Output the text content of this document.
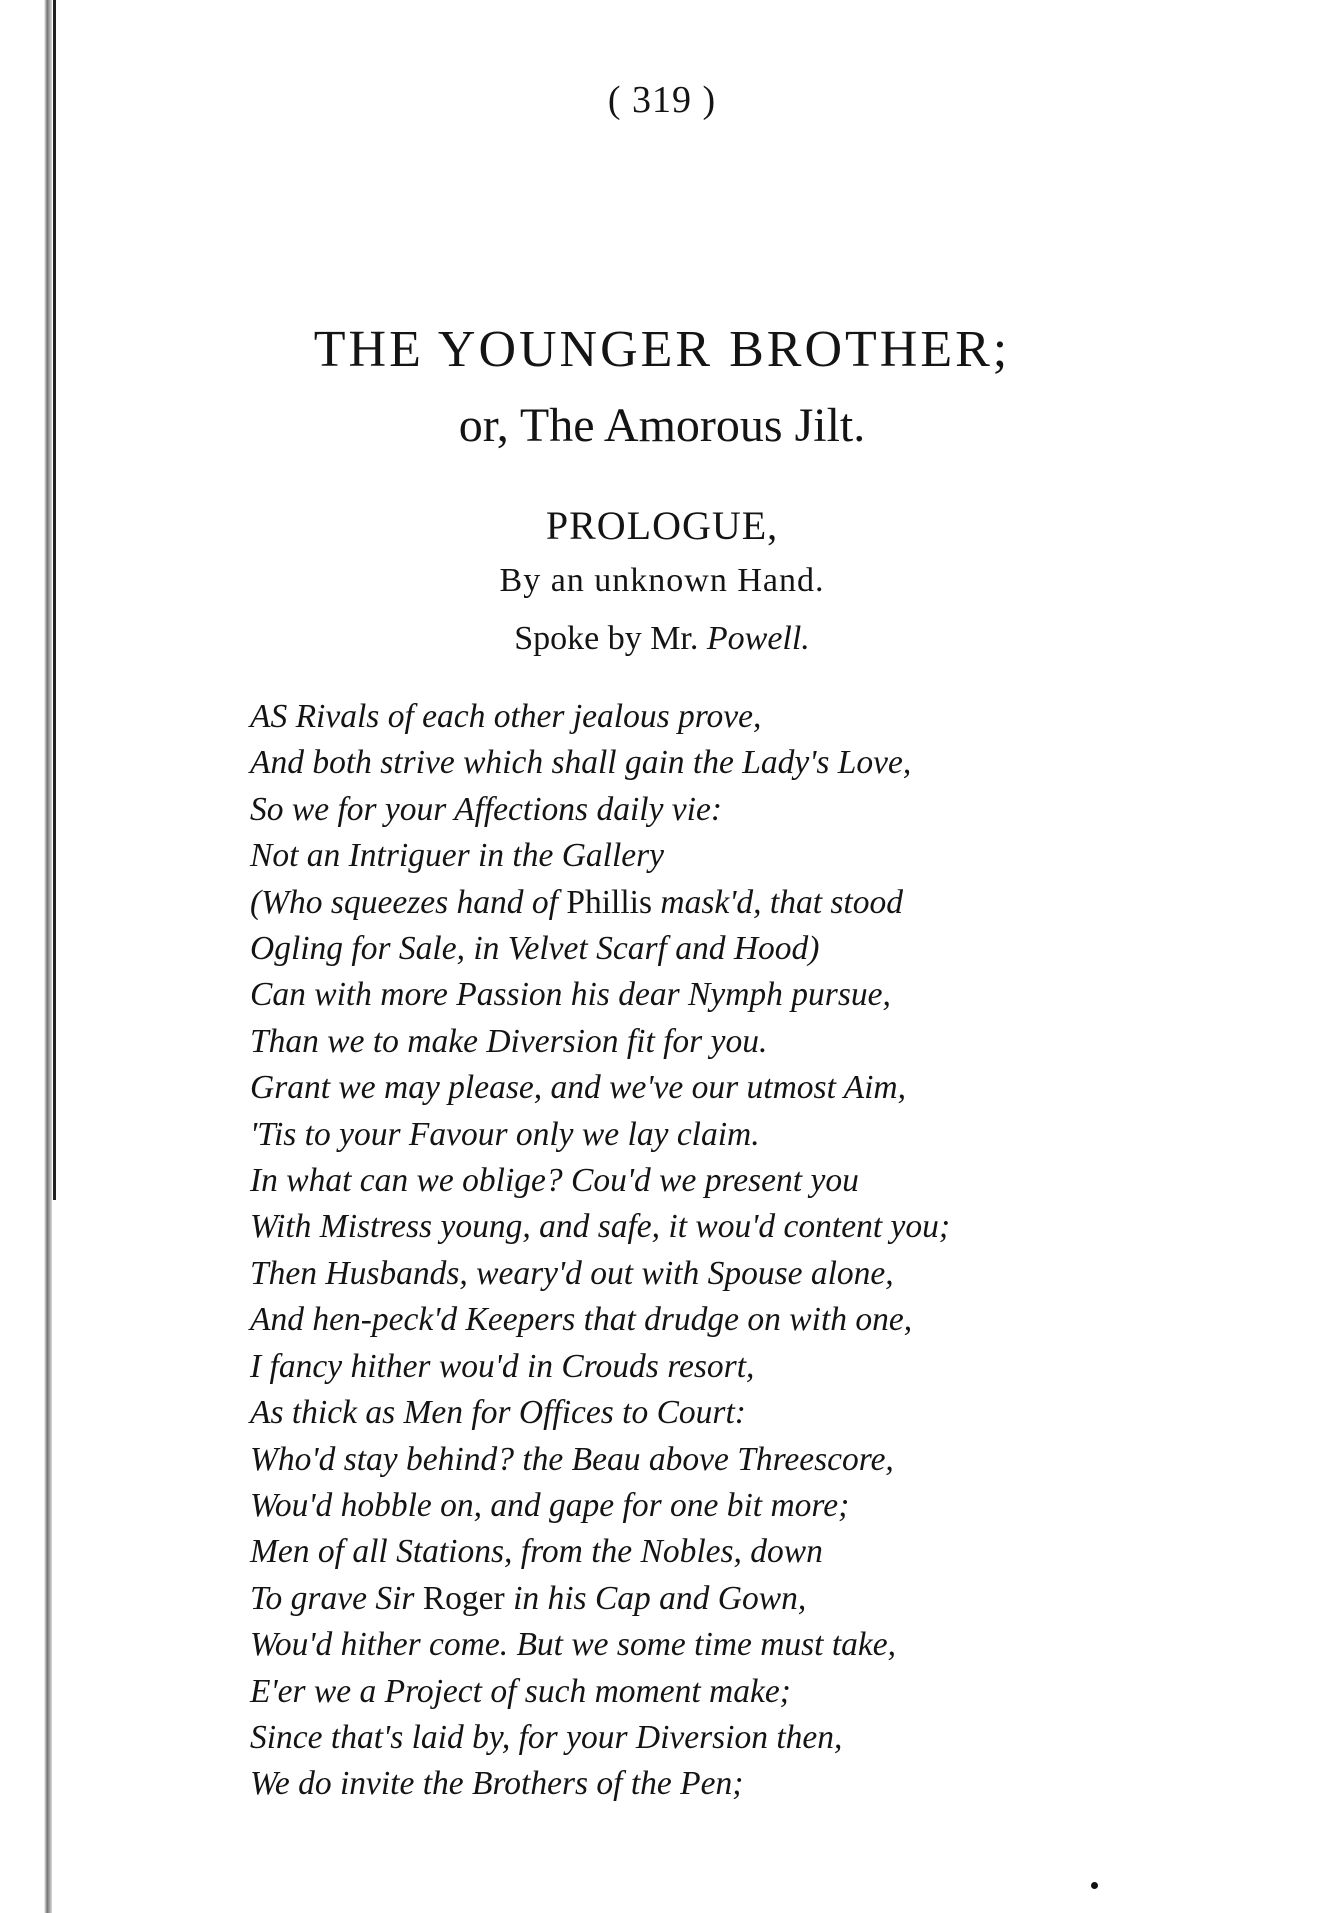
( 319 )
THE YOUNGER BROTHER;
or, The Amorous Jilt.
PROLOGUE,
By an unknown Hand.
Spoke by Mr. Powell.
AS Rivals of each other jealous prove,
And both strive which shall gain the Lady's Love,
So we for your Affections daily vie:
Not an Intriguer in the Gallery
(Who squeezes hand of Phillis mask'd, that stood
Ogling for Sale, in Velvet Scarf and Hood)
Can with more Passion his dear Nymph pursue,
Than we to make Diversion fit for you.
Grant we may please, and we've our utmost Aim,
'Tis to your Favour only we lay claim.
In what can we oblige? Cou'd we present you
With Mistress young, and safe, it wou'd content you;
Then Husbands, weary'd out with Spouse alone,
And hen-peck'd Keepers that drudge on with one,
I fancy hither wou'd in Crouds resort,
As thick as Men for Offices to Court:
Who'd stay behind? the Beau above Threescore,
Wou'd hobble on, and gape for one bit more;
Men of all Stations, from the Nobles, down
To grave Sir Roger in his Cap and Gown,
Wou'd hither come. But we some time must take,
E'er we a Project of such moment make;
Since that's laid by, for your Diversion then,
We do invite the Brothers of the Pen;
